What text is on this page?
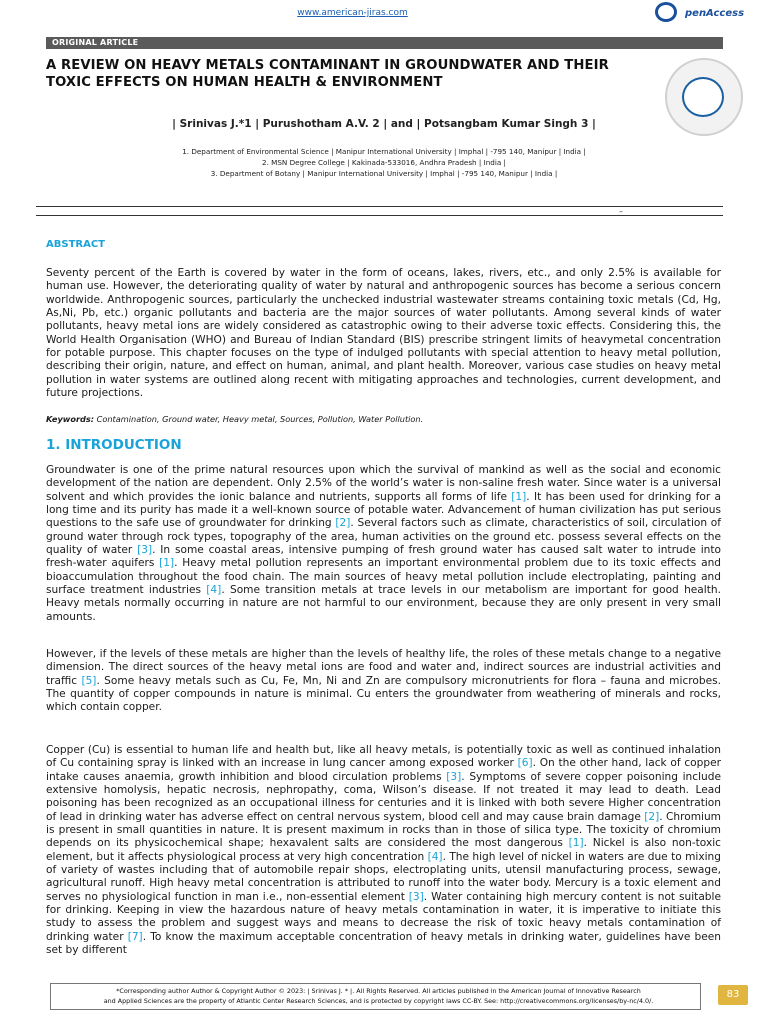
www.american-jiras.com	penAccess
ORIGINAL ARTICLE
A REVIEW ON HEAVY METALS CONTAMINANT IN GROUNDWATER AND THEIR TOXIC EFFECTS ON HUMAN HEALTH & ENVIRONMENT
| Srinivas J.*1 | Purushotham A.V. 2 | and | Potsangbam Kumar Singh 3 |
1. Department of Environmental Science | Manipur International University | Imphal | -795 140, Manipur | India |
2. MSN Degree College | Kakinada-533016, Andhra Pradesh | India |
3. Department of Botany | Manipur International University | Imphal | -795 140, Manipur | India |
–
ABSTRACT
Seventy percent of the Earth is covered by water in the form of oceans, lakes, rivers, etc., and only 2.5% is available for human use. However, the deteriorating quality of water by natural and anthropogenic sources has become a serious concern worldwide. Anthropogenic sources, particularly the unchecked industrial wastewater streams containing toxic metals (Cd, Hg, As,Ni, Pb, etc.) organic pollutants and bacteria are the major sources of water pollutants. Among several kinds of water pollutants, heavy metal ions are widely considered as catastrophic owing to their adverse toxic effects. Considering this, the World Health Organisation (WHO) and Bureau of Indian Standard (BIS) prescribe stringent limits of heavymetal concentration for potable purpose. This chapter focuses on the type of indulged pollutants with special attention to heavy metal pollution, describing their origin, nature, and effect on human, animal, and plant health. Moreover, various case studies on heavy metal pollution in water systems are outlined along recent with mitigating approaches and technologies, current development, and future projections.
Keywords: Contamination, Ground water, Heavy metal, Sources, Pollution, Water Pollution.
1. INTRODUCTION
Groundwater is one of the prime natural resources upon which the survival of mankind as well as the social and economic development of the nation are dependent. Only 2.5% of the world’s water is non-saline fresh water. Since water is a universal solvent and which provides the ionic balance and nutrients, supports all forms of life [1]. It has been used for drinking for a long time and its purity has made it a well-known source of potable water. Advancement of human civilization has put serious questions to the safe use of groundwater for drinking [2]. Several factors such as climate, characteristics of soil, circulation of ground water through rock types, topography of the area, human activities on the ground etc. possess several effects on the quality of water [3]. In some coastal areas, intensive pumping of fresh ground water has caused salt water to intrude into fresh-water aquifers [1]. Heavy metal pollution represents an important environmental problem due to its toxic effects and bioaccumulation throughout the food chain. The main sources of heavy metal pollution include electroplating, painting and surface treatment industries [4]. Some transition metals at trace levels in our metabolism are important for good health. Heavy metals normally occurring in nature are not harmful to our environment, because they are only present in very small amounts.
However, if the levels of these metals are higher than the levels of healthy life, the roles of these metals change to a negative dimension. The direct sources of the heavy metal ions are food and water and, indirect sources are industrial activities and traffic [5]. Some heavy metals such as Cu, Fe, Mn, Ni and Zn are compulsory micronutrients for flora – fauna and microbes. The quantity of copper compounds in nature is minimal. Cu enters the groundwater from weathering of minerals and rocks, which contain copper.
Copper (Cu) is essential to human life and health but, like all heavy metals, is potentially toxic as well as continued inhalation of Cu containing spray is linked with an increase in lung cancer among exposed worker [6]. On the other hand, lack of copper intake causes anaemia, growth inhibition and blood circulation problems [3]. Symptoms of severe copper poisoning include extensive homolysis, hepatic necrosis, nephropathy, coma, Wilson’s disease. If not treated it may lead to death. Lead poisoning has been recognized as an occupational illness for centuries and it is linked with both severe Higher concentration of lead in drinking water has adverse effect on central nervous system, blood cell and may cause brain damage [2]. Chromium is present in small quantities in nature. It is present maximum in rocks than in those of silica type. The toxicity of chromium depends on its physicochemical shape; hexavalent salts are considered the most dangerous [1]. Nickel is also non-toxic element, but it affects physiological process at very high concentration [4]. The high level of nickel in waters are due to mixing of variety of wastes including that of automobile repair shops, electroplating units, utensil manufacturing process, sewage, agricultural runoff. High heavy metal concentration is attributed to runoff into the water body. Mercury is a toxic element and serves no physiological function in man i.e., non-essential element [3]. Water containing high mercury content is not suitable for drinking. Keeping in view the hazardous nature of heavy metals contamination in water, it is imperative to initiate this study to assess the problem and suggest ways and means to decrease the risk of toxic heavy metals contamination of drinking water [7]. To know the maximum acceptable concentration of heavy metals in drinking water, guidelines have been set by different
*Corresponding author Author & Copyright Author © 2023: | Srinivas J. * |. All Rights Reserved. All articles published in the American Journal of Innovative Research
and Applied Sciences are the property of Atlantic Center Research Sciences, and is protected by copyright laws CC-BY. See: http://creativecommons.org/licenses/by-nc/4.0/.
83
